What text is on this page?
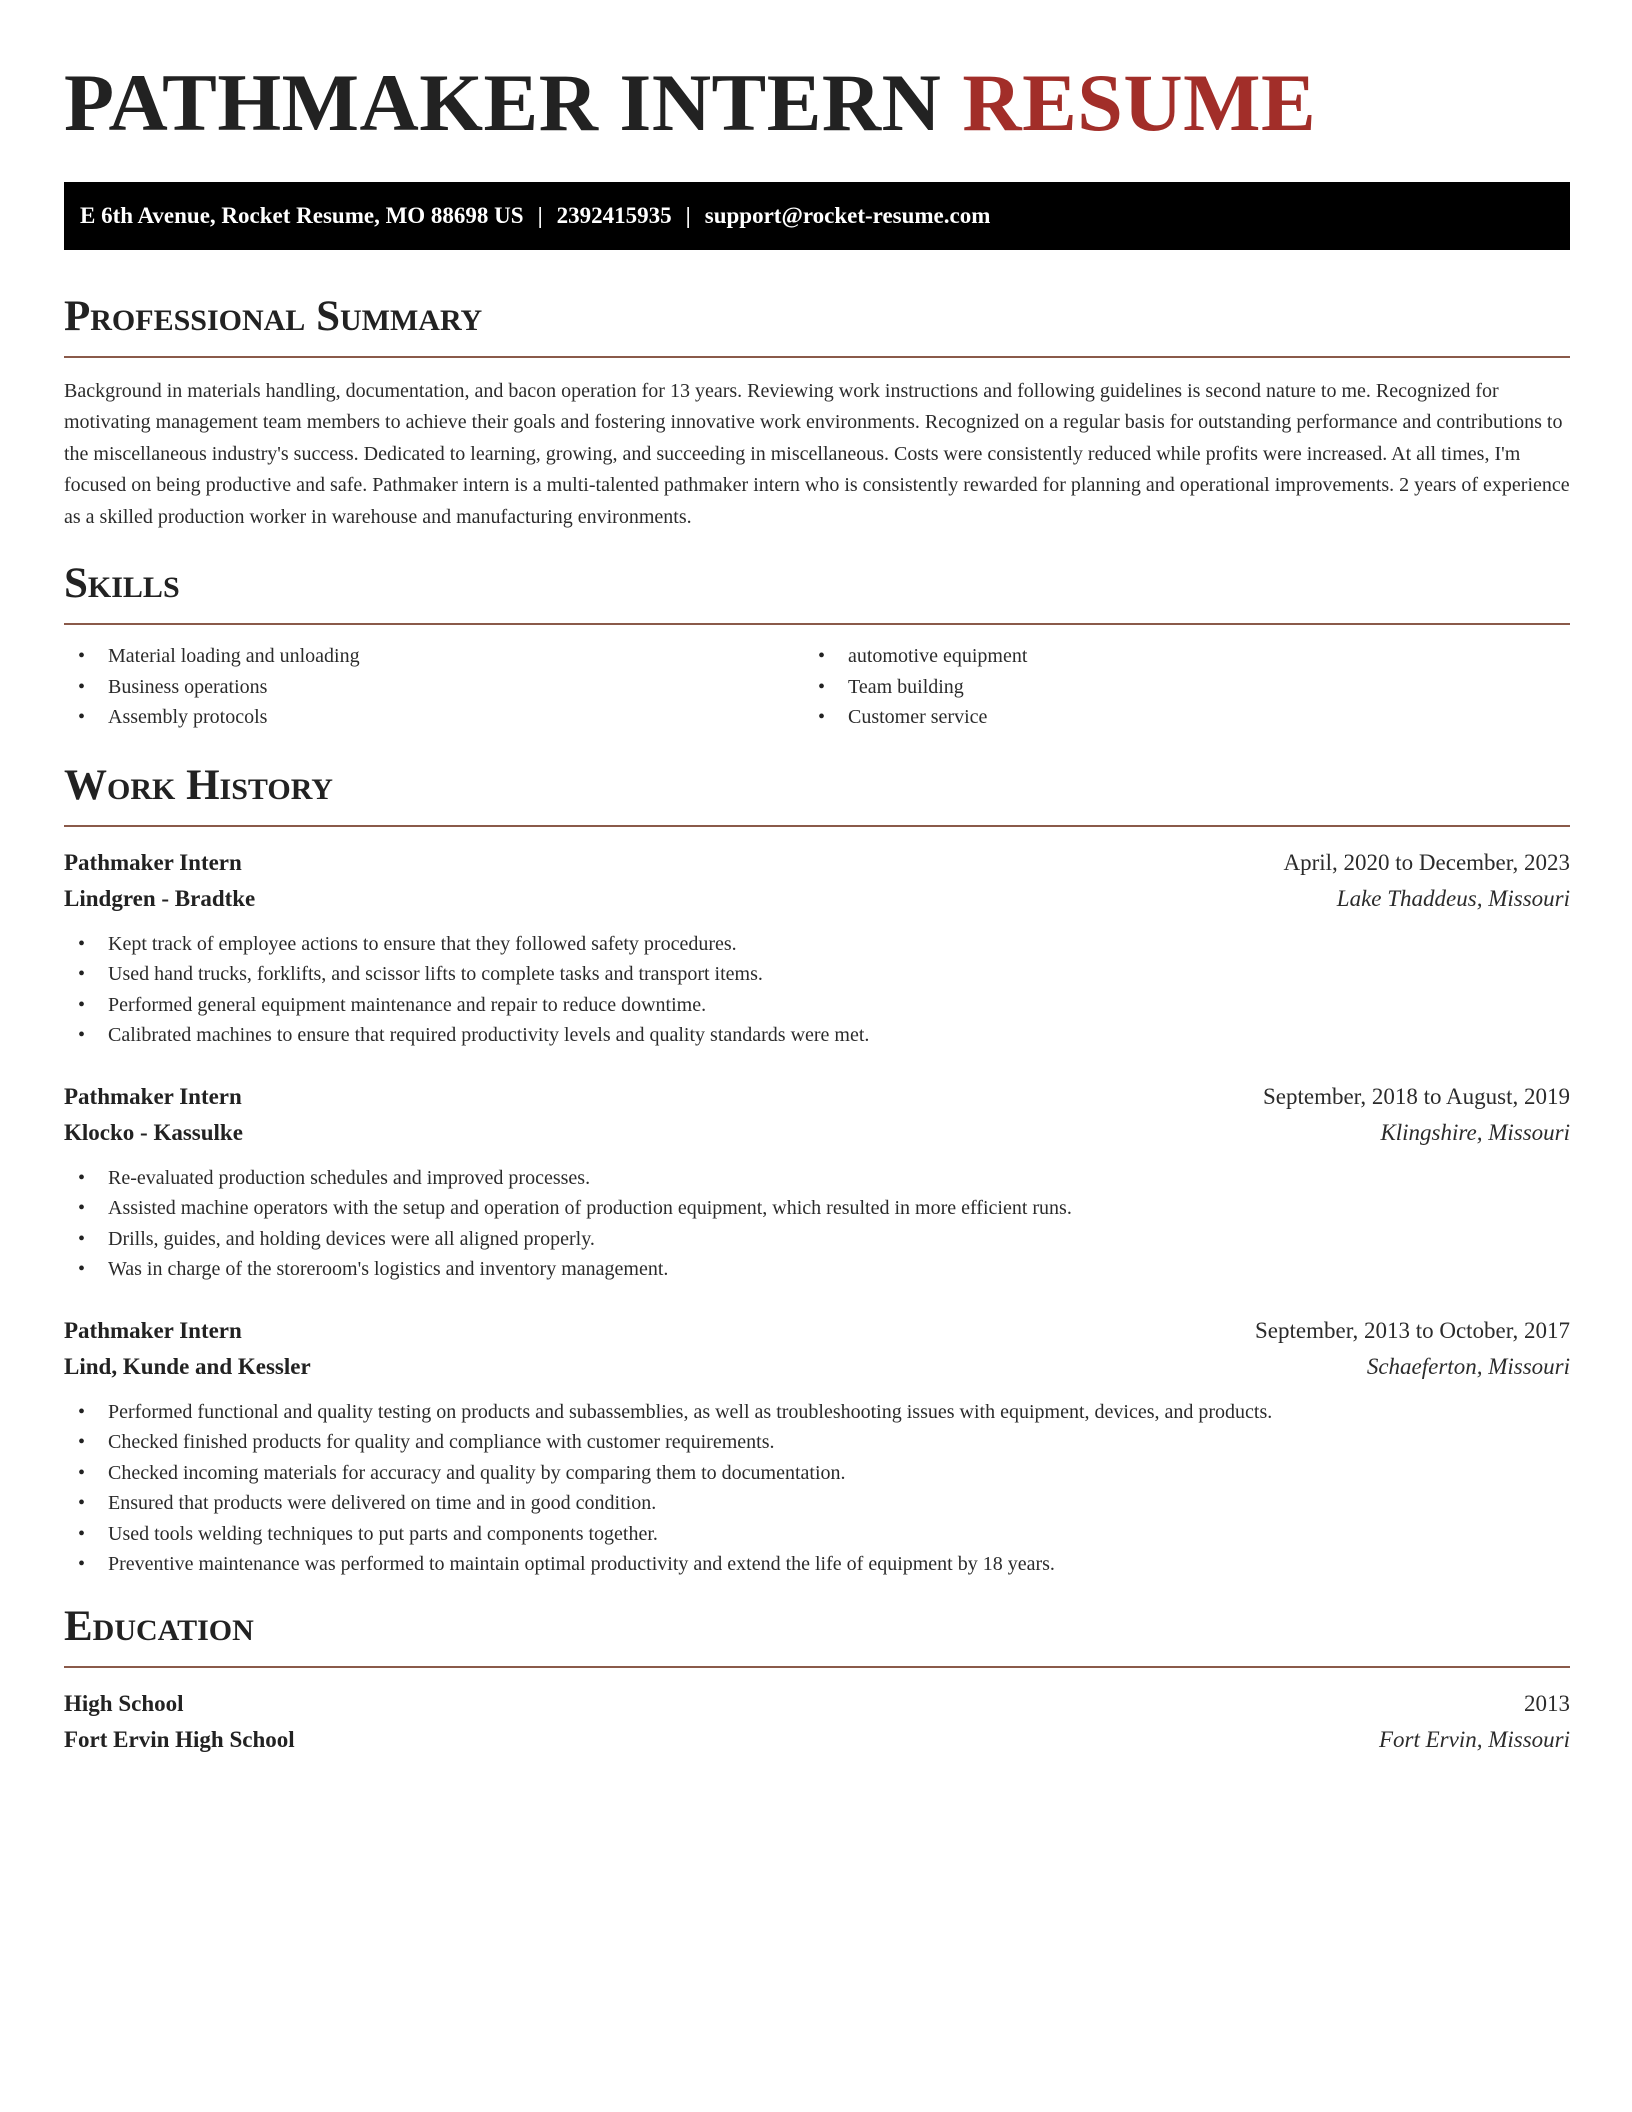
PATHMAKER INTERN RESUME
E 6th Avenue, Rocket Resume, MO 88698 US | 2392415935 | support@rocket-resume.com
Professional Summary

Background in materials handling, documentation, and bacon operation for 13 years. Reviewing work instructions and following guidelines is second nature to me. Recognized for motivating management team members to achieve their goals and fostering innovative work environments. Recognized on a regular basis for outstanding performance and contributions to the miscellaneous industry's success. Dedicated to learning, growing, and succeeding in miscellaneous. Costs were consistently reduced while profits were increased. At all times, I'm focused on being productive and safe. Pathmaker intern is a multi-talented pathmaker intern who is consistently rewarded for planning and operational improvements. 2 years of experience as a skilled production worker in warehouse and manufacturing environments.

Skills
• Material loading and unloading
• Business operations
• Assembly protocols
• automotive equipment
• Team building
• Customer service
Work History
Pathmaker Intern	April, 2020 to December, 2023
Lindgren - Bradtke	Lake Thaddeus, Missouri
• Kept track of employee actions to ensure that they followed safety procedures.
• Used hand trucks, forklifts, and scissor lifts to complete tasks and transport items.
• Performed general equipment maintenance and repair to reduce downtime.
• Calibrated machines to ensure that required productivity levels and quality standards were met.
Pathmaker Intern	September, 2018 to August, 2019
Klocko - Kassulke	Klingshire, Missouri
• Re-evaluated production schedules and improved processes.
• Assisted machine operators with the setup and operation of production equipment, which resulted in more efficient runs.
• Drills, guides, and holding devices were all aligned properly.
• Was in charge of the storeroom's logistics and inventory management.
Pathmaker Intern	September, 2013 to October, 2017
Lind, Kunde and Kessler	Schaeferton, Missouri
• Performed functional and quality testing on products and subassemblies, as well as troubleshooting issues with equipment, devices, and products.
• Checked finished products for quality and compliance with customer requirements.
• Checked incoming materials for accuracy and quality by comparing them to documentation.
• Ensured that products were delivered on time and in good condition.
• Used tools welding techniques to put parts and components together.
• Preventive maintenance was performed to maintain optimal productivity and extend the life of equipment by 18 years.
Education
High School	2013
Fort Ervin High School	Fort Ervin, Missouri
